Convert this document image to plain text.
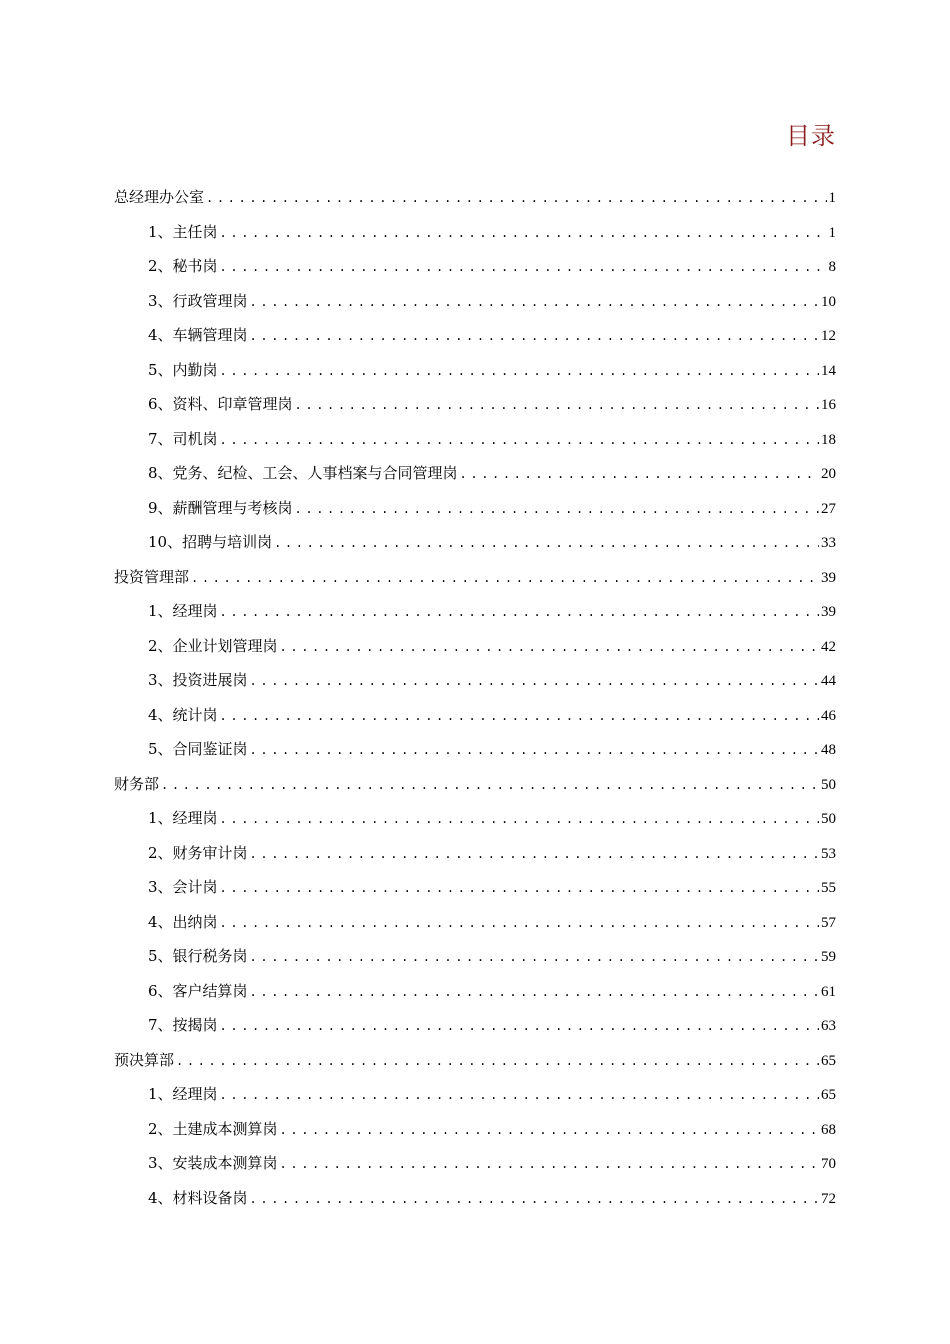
目录
总经理办公室 .....	1
1、主任岗 .....	1
2、秘书岗 .....	8
3、行政管理岗 .....	10
4、车辆管理岗 .....	12
5、内勤岗 .....	14
6、资料、印章管理岗 .....	16
7、司机岗 .....	18
8、党务、纪检、工会、人事档案与合同管理岗 .....	20
9、薪酬管理与考核岗 .....	27
10、招聘与培训岗 .....	33
投资管理部 .....	39
1、经理岗 .....	39
2、企业计划管理岗 .....	42
3、投资进展岗 .....	44
4、统计岗 .....	46
5、合同鉴证岗 .....	48
财务部 .....	50
1、经理岗 .....	50
2、财务审计岗 .....	53
3、会计岗 .....	55
4、出纳岗 .....	57
5、银行税务岗 .....	59
6、客户结算岗 .....	61
7、按揭岗 .....	63
预决算部 .....	65
1、经理岗 .....	65
2、土建成本测算岗 .....	68
3、安装成本测算岗 .....	70
4、材料设备岗 .....	72
